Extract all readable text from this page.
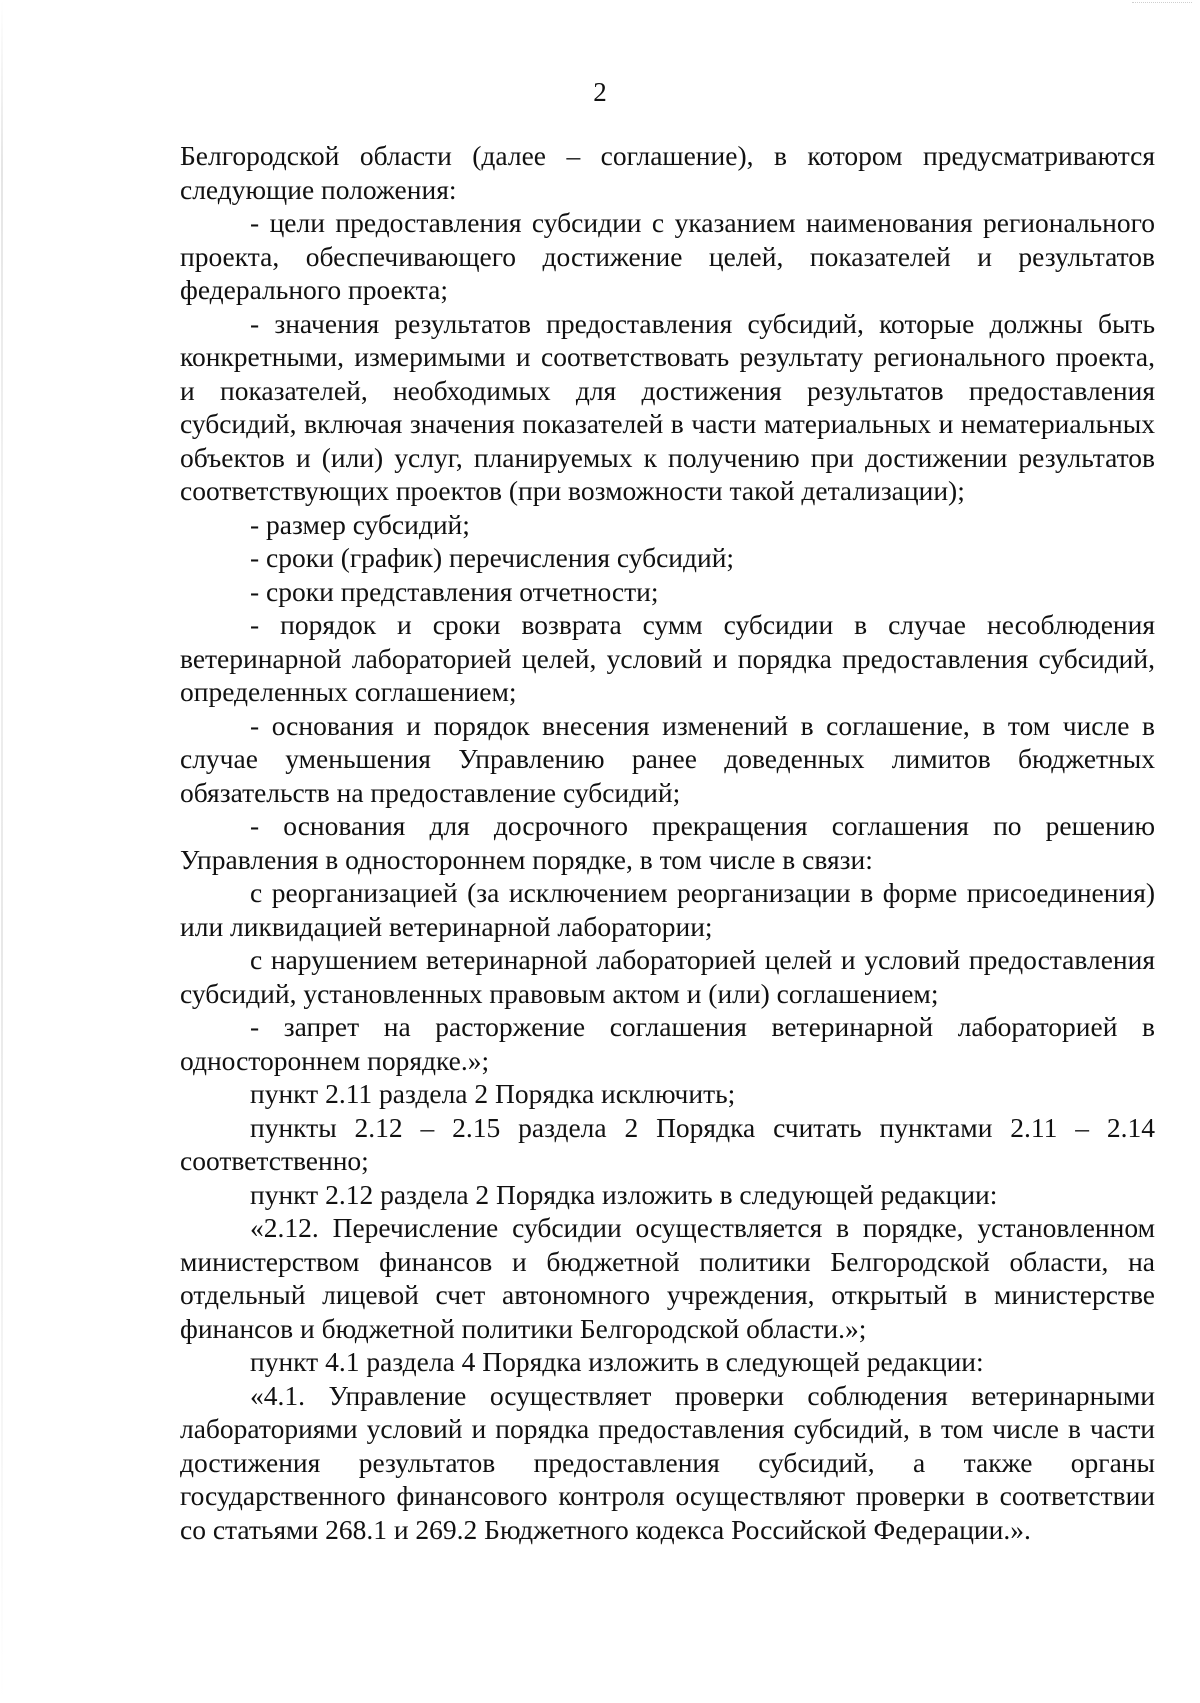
2

Белгородской области (далее – соглашение), в котором предусматриваются следующие положения:

- цели предоставления субсидии с указанием наименования регионального проекта, обеспечивающего достижение целей, показателей и результатов федерального проекта;

- значения результатов предоставления субсидий, которые должны быть конкретными, измеримыми и соответствовать результату регионального проекта, и показателей, необходимых для достижения результатов предоставления субсидий, включая значения показателей в части материальных и нематериальных объектов и (или) услуг, планируемых к получению при достижении результатов соответствующих проектов (при возможности такой детализации);

- размер субсидий;

- сроки (график) перечисления субсидий;

- сроки представления отчетности;

- порядок и сроки возврата сумм субсидии в случае несоблюдения ветеринарной лабораторией целей, условий и порядка предоставления субсидий, определенных соглашением;

- основания и порядок внесения изменений в соглашение, в том числе в случае уменьшения Управлению ранее доведенных лимитов бюджетных обязательств на предоставление субсидий;

- основания для досрочного прекращения соглашения по решению Управления в одностороннем порядке, в том числе в связи:

с реорганизацией (за исключением реорганизации в форме присоединения) или ликвидацией ветеринарной лаборатории;

с нарушением ветеринарной лабораторией целей и условий предоставления субсидий, установленных правовым актом и (или) соглашением;

- запрет на расторжение соглашения ветеринарной лабораторией в одностороннем порядке.»;

пункт 2.11 раздела 2 Порядка исключить;

пункты 2.12 – 2.15 раздела 2 Порядка считать пунктами 2.11 – 2.14 соответственно;

пункт 2.12 раздела 2 Порядка изложить в следующей редакции:

«2.12. Перечисление субсидии осуществляется в порядке, установленном министерством финансов и бюджетной политики Белгородской области, на отдельный лицевой счет автономного учреждения, открытый в министерстве финансов и бюджетной политики Белгородской области.»;

пункт 4.1 раздела 4 Порядка изложить в следующей редакции:

«4.1. Управление осуществляет проверки соблюдения ветеринарными лабораториями условий и порядка предоставления субсидий, в том числе в части достижения результатов предоставления субсидий, а также органы государственного финансового контроля осуществляют проверки в соответствии со статьями 268.1 и 269.2 Бюджетного кодекса Российской Федерации.».
